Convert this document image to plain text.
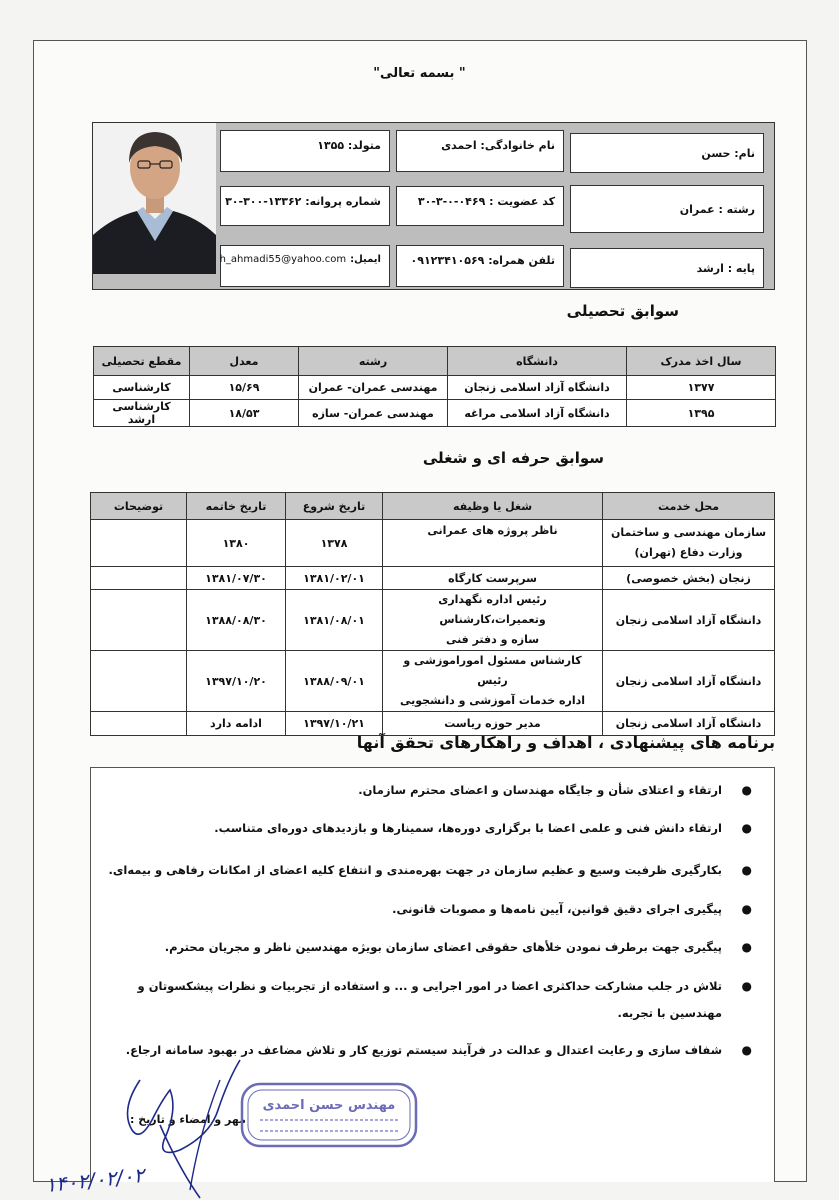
" بسمه تعالی"
نام: حسن
نام خانوادگی: احمدی
متولد: ۱۳۵۵
رشته : عمران
کد عضویت : ۰۴۶۹-۰-۳-۳۰
شماره پروانه: ۱۳۳۶۲-۳۰۰-۳۰
پایه : ارشد
تلفن همراه: ۰۹۱۲۳۴۱۰۵۶۹
ایمیل:
h_ahmadi55@yahoo.com
سوابق تحصیلی
سال اخذ مدرک	دانشگاه	رشته	معدل	مقطع تحصیلی
۱۳۷۷	دانشگاه آزاد اسلامی زنجان	مهندسی عمران- عمران	۱۵/۶۹	کارشناسی
۱۳۹۵	دانشگاه آزاد اسلامی مراغه	مهندسی عمران- سازه	۱۸/۵۳	کارشناسی ارشد
سوابق حرفه ای و شغلی
محل خدمت	شغل یا وظیفه	تاریخ شروع	تاریخ خاتمه	توضیحات

سازمان مهندسی و ساختمان
وزارت دفاع (تهران)	ناظر پروژه های عمرانی	۱۳۷۸	۱۳۸۰	
زنجان (بخش خصوصی)	سرپرست کارگاه	۱۳۸۱/۰۲/۰۱	۱۳۸۱/۰۷/۳۰	
دانشگاه آزاد اسلامی زنجان	رئیس اداره نگهداری وتعمیرات،کارشناس
سازه و دفتر فنی	۱۳۸۱/۰۸/۰۱	۱۳۸۸/۰۸/۳۰	
دانشگاه آزاد اسلامی زنجان	کارشناس مسئول اموراموزشی و رئیس
اداره خدمات آموزشی و دانشجویی	۱۳۸۸/۰۹/۰۱	۱۳۹۷/۱۰/۲۰	
دانشگاه آزاد اسلامی زنجان	مدیر حوزه ریاست	۱۳۹۷/۱۰/۲۱	ادامه دارد	
برنامه های پیشنهادی ، اهداف و راهکارهای تحقق آنها
●
ارتقاء و اعتلای شأن و جایگاه مهندسان و اعضای محترم سازمان.
●
ارتقاء دانش فنی و علمی اعضا با برگزاری دوره‌ها، سمینارها و بازدیدهای دوره‌ای متناسب.
●
بکارگیری ظرفیت وسیع و عظیم سازمان در جهت بهره‌مندی و انتفاع کلیه اعضای از امکانات رفاهی و بیمه‌ای.
●
پیگیری اجرای دقیق قوانین، آیین نامه‌ها و مصوبات قانونی.
●
پیگیری جهت برطرف نمودن خلأهای حقوقی اعضای سازمان بویژه مهندسین ناظر و مجریان محترم.
●
تلاش در جلب مشارکت حداکثری اعضا در امور اجرایی و ... و استفاده از تجربیات و نظرات پیشکسوتان و
مهندسین با تجربه.
●
شفاف سازی و رعایت اعتدال و عدالت در فرآیند سیستم توزیع کار و تلاش مضاعف در بهبود سامانه ارجاع.
مهر و امضاء و تاریخ :
مهندس حسن احمدی
۱۴۰۲/۰۲/۰۲
